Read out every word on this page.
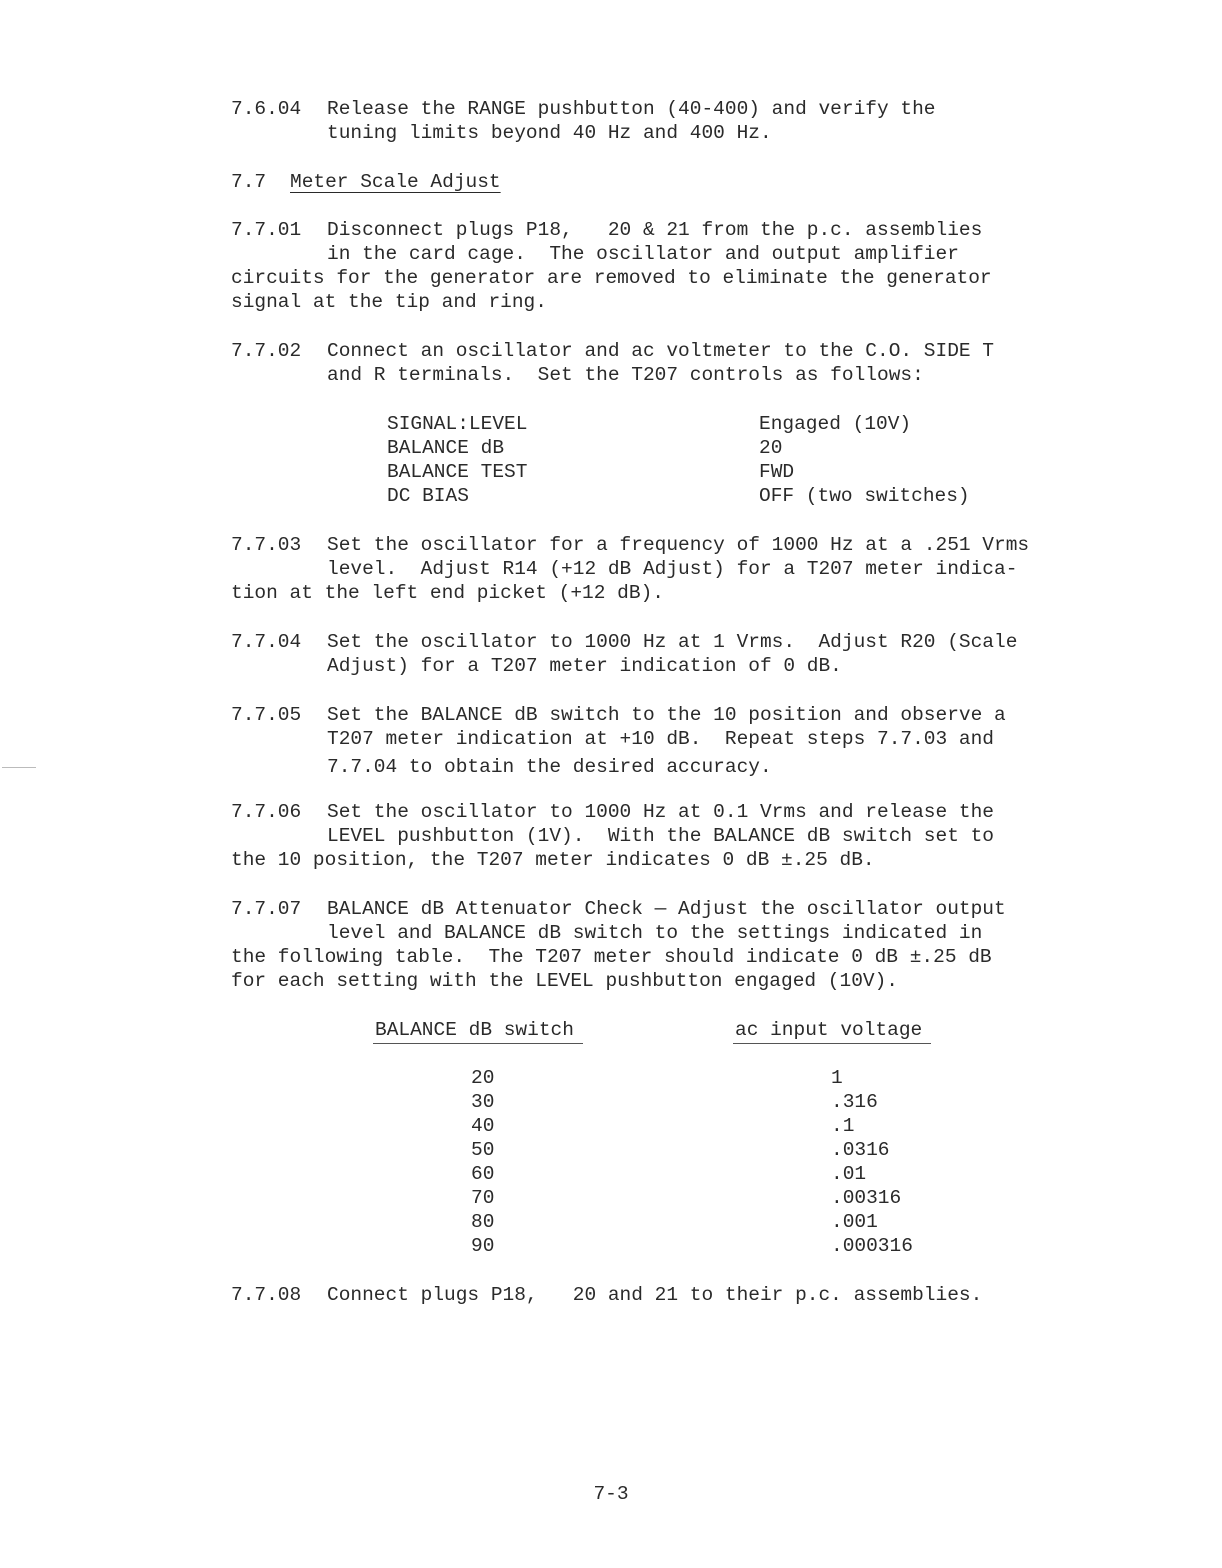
7.6.04 Release the RANGE pushbutton (40-400) and verify the
tuning limits beyond 40 Hz and 400 Hz.
7.7 Meter Scale Adjust
7.7.01 Disconnect plugs P18,   20 & 21 from the p.c. assemblies
in the card cage.  The oscillator and output amplifier
circuits for the generator are removed to eliminate the generator
signal at the tip and ring.
7.7.02 Connect an oscillator and ac voltmeter to the C.O. SIDE T
and R terminals.  Set the T207 controls as follows:
SIGNAL:LEVEL	Engaged (10V)
BALANCE dB	20
BALANCE TEST	FWD
DC BIAS	OFF (two switches)
7.7.03 Set the oscillator for a frequency of 1000 Hz at a .251 Vrms
level.  Adjust R14 (+12 dB Adjust) for a T207 meter indica-
tion at the left end picket (+12 dB).
7.7.04 Set the oscillator to 1000 Hz at 1 Vrms.  Adjust R20 (Scale
Adjust) for a T207 meter indication of 0 dB.
7.7.05 Set the BALANCE dB switch to the 10 position and observe a
T207 meter indication at +10 dB.  Repeat steps 7.7.03 and
7.7.04 to obtain the desired accuracy.
7.7.06 Set the oscillator to 1000 Hz at 0.1 Vrms and release the
LEVEL pushbutton (1V).  With the BALANCE dB switch set to
the 10 position, the T207 meter indicates 0 dB ±.25 dB.
7.7.07 BALANCE dB Attenuator Check — Adjust the oscillator output
level and BALANCE dB switch to the settings indicated in
the following table.  The T207 meter should indicate 0 dB ±.25 dB
for each setting with the LEVEL pushbutton engaged (10V).
BALANCE dB switch	ac input voltage
20	1
30	.316
40	.1
50	.0316
60	.01
70	.00316
80	.001
90	.000316
7.7.08 Connect plugs P18,   20 and 21 to their p.c. assemblies.
7-3
